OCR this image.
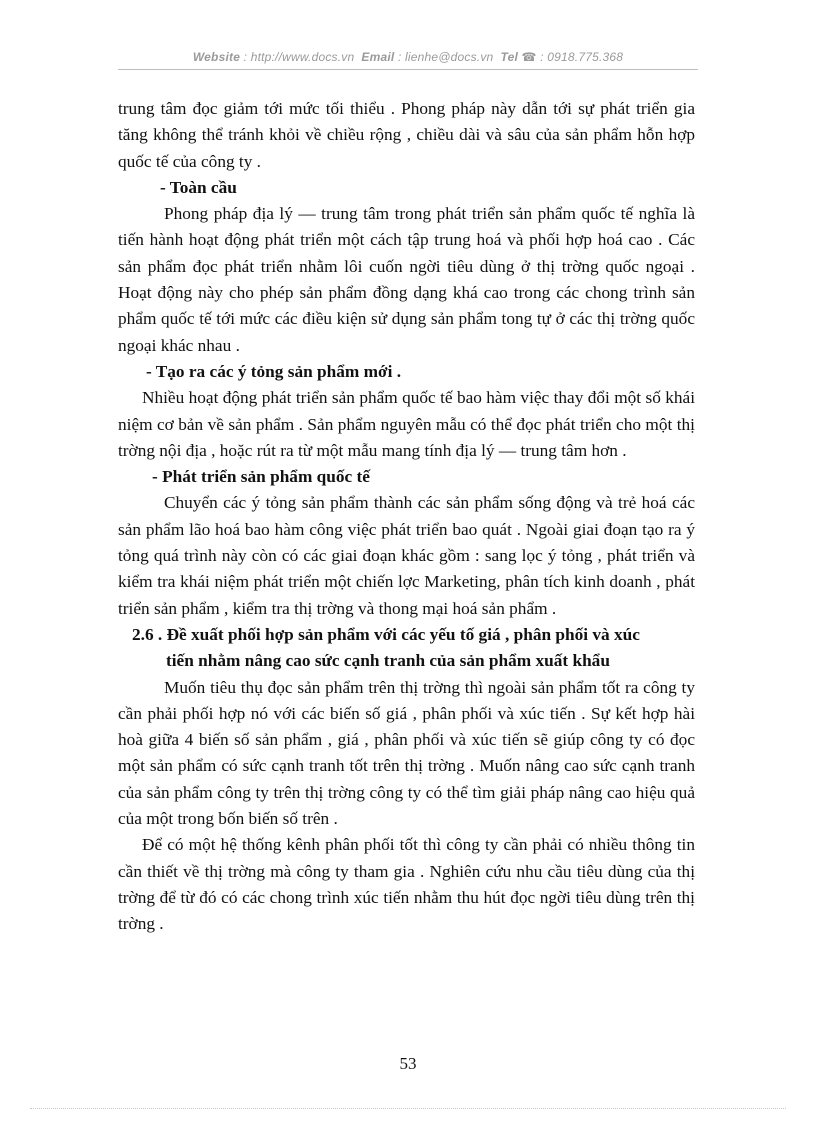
Website : http://www.docs.vn Email : lienhe@docs.vn Tel ☎ : 0918.775.368

trung tâm đọc giảm tới mức tối thiểu . Phong pháp này dẫn tới sự phát triển gia tăng không thể tránh khỏi về chiều rộng , chiều dài và sâu của sản phẩm hỗn hợp quốc tế của công ty .

- Toàn cầu

Phong pháp địa lý — trung tâm trong phát triển sản phẩm quốc tế nghĩa là tiến hành hoạt động phát triển một cách tập trung hoá và phối hợp hoá cao . Các sản phẩm đọc phát triển nhằm lôi cuốn ngời tiêu dùng ở thị trờng quốc ngoại . Hoạt động này cho phép sản phẩm đồng dạng khá cao trong các chong trình sản phẩm quốc tế tới mức các điều kiện sử dụng sản phẩm tong tự ở các thị trờng quốc ngoại khác nhau .

- Tạo ra các ý tỏng sản phẩm mới .

Nhiều hoạt động phát triển sản phẩm quốc tế bao hàm việc thay đổi một số khái niệm cơ bản về sản phẩm . Sản phẩm nguyên mẫu có thể đọc phát triển cho một thị trờng nội địa , hoặc rút ra từ một mẫu mang tính địa lý — trung tâm hơn .

- Phát triển sản phẩm quốc tế

Chuyển các ý tỏng sản phẩm thành các sản phẩm sống động và trẻ hoá các sản phẩm lão hoá bao hàm công việc phát triển bao quát . Ngoài giai đoạn tạo ra ý tỏng quá trình này còn có các giai đoạn khác gồm : sang lọc ý tỏng , phát triển và kiểm tra khái niệm phát triển một chiến lợc Marketing, phân tích kinh doanh , phát triển sản phẩm , kiểm tra thị trờng và thong mại hoá sản phẩm .

2.6 . Đề xuất phối hợp sản phẩm với các yếu tố giá , phân phối và xúc

tiến nhằm nâng cao sức cạnh tranh của sản phẩm xuất khẩu

Muốn tiêu thụ đọc sản phẩm trên thị trờng thì ngoài sản phẩm tốt ra công ty cần phải phối hợp nó với các biến số giá , phân phối và xúc tiến . Sự kết hợp hài hoà giữa 4 biến số sản phẩm , giá , phân phối và xúc tiến sẽ giúp công ty có đọc một sản phẩm có sức cạnh tranh tốt trên thị trờng . Muốn nâng cao sức cạnh tranh của sản phẩm công ty trên thị trờng công ty có thể tìm giải pháp nâng cao hiệu quả của một trong bốn biến số trên .

Để có một hệ thống kênh phân phối tốt thì công ty cần phải có nhiều thông tin cần thiết về thị trờng mà công ty tham gia . Nghiên cứu nhu cầu tiêu dùng của thị trờng để từ đó có các chong trình xúc tiến nhằm thu hút đọc ngời tiêu dùng trên thị trờng .

53
